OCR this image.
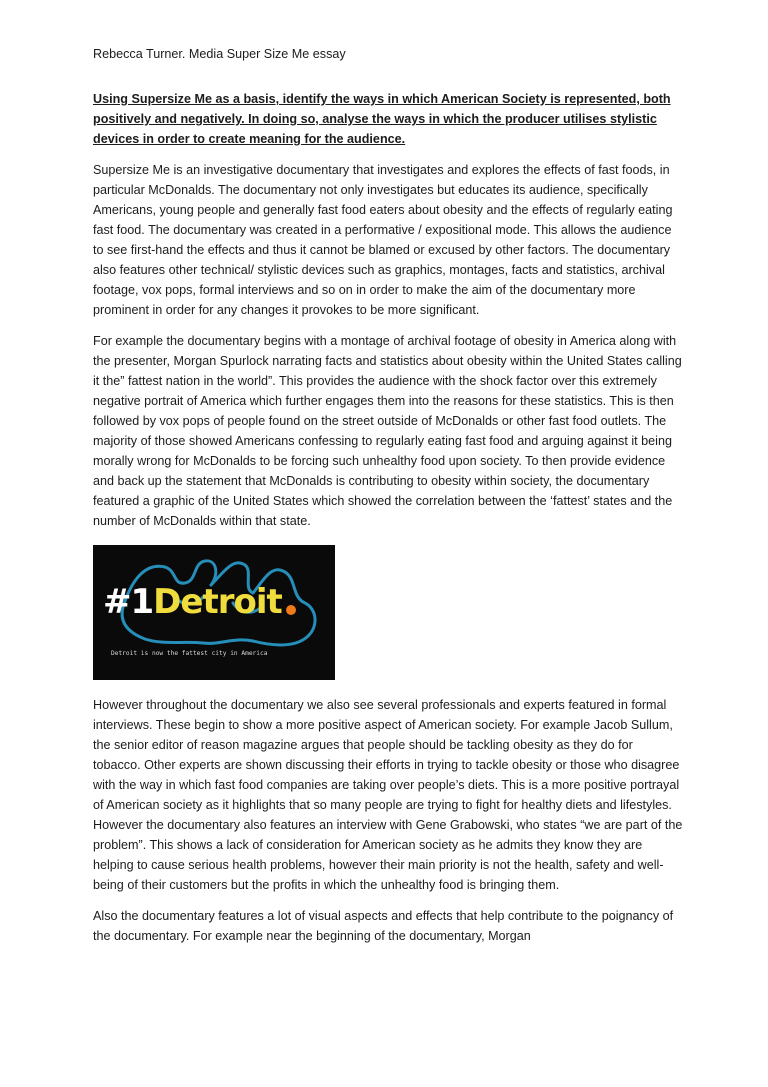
Rebecca Turner. Media Super Size Me essay
Using Supersize Me as a basis, identify the ways in which American Society is represented, both positively and negatively. In doing so, analyse the ways in which the producer utilises stylistic devices in order to create meaning for the audience.

Supersize Me is an investigative documentary that investigates and explores the effects of fast foods, in particular McDonalds. The documentary not only investigates but educates its audience, specifically Americans, young people and generally fast food eaters about obesity and the effects of regularly eating fast food. The documentary was created in a performative / expositional mode. This allows the audience to see first-hand the effects and thus it cannot be blamed or excused by other factors. The documentary also features other technical/ stylistic devices such as graphics, montages, facts and statistics, archival footage, vox pops, formal interviews and so on in order to make the aim of the documentary more prominent in order for any changes it provokes to be more significant.

For example the documentary begins with a montage of archival footage of obesity in America along with the presenter, Morgan Spurlock narrating facts and statistics about obesity within the United States calling it the” fattest nation in the world”. This provides the audience with the shock factor over this extremely negative portrait of America which further engages them into the reasons for these statistics. This is then followed by vox pops of people found on the street outside of McDonalds or other fast food outlets. The majority of those showed Americans confessing to regularly eating fast food and arguing against it being morally wrong for McDonalds to be forcing such unhealthy food upon society. To then provide evidence and back up the statement that McDonalds is contributing to obesity within society, the documentary featured a graphic of the United States which showed the correlation between the ‘fattest’ states and the number of McDonalds within that state.

#1Detroit
Detroit is now the fattest city in America

However throughout the documentary we also see several professionals and experts featured in formal interviews. These begin to show a more positive aspect of American society. For example Jacob Sullum, the senior editor of reason magazine argues that people should be tackling obesity as they do for tobacco. Other experts are shown discussing their efforts in trying to tackle obesity or those who disagree with the way in which fast food companies are taking over people’s diets. This is a more positive portrayal of American society as it highlights that so many people are trying to fight for healthy diets and lifestyles. However the documentary also features an interview with Gene Grabowski, who states “we are part of the problem”. This shows a lack of consideration for American society as he admits they know they are helping to cause serious health problems, however their main priority is not the health, safety and well-being of their customers but the profits in which the unhealthy food is bringing them.

Also the documentary features a lot of visual aspects and effects that help contribute to the poignancy of the documentary. For example near the beginning of the documentary, Morgan
